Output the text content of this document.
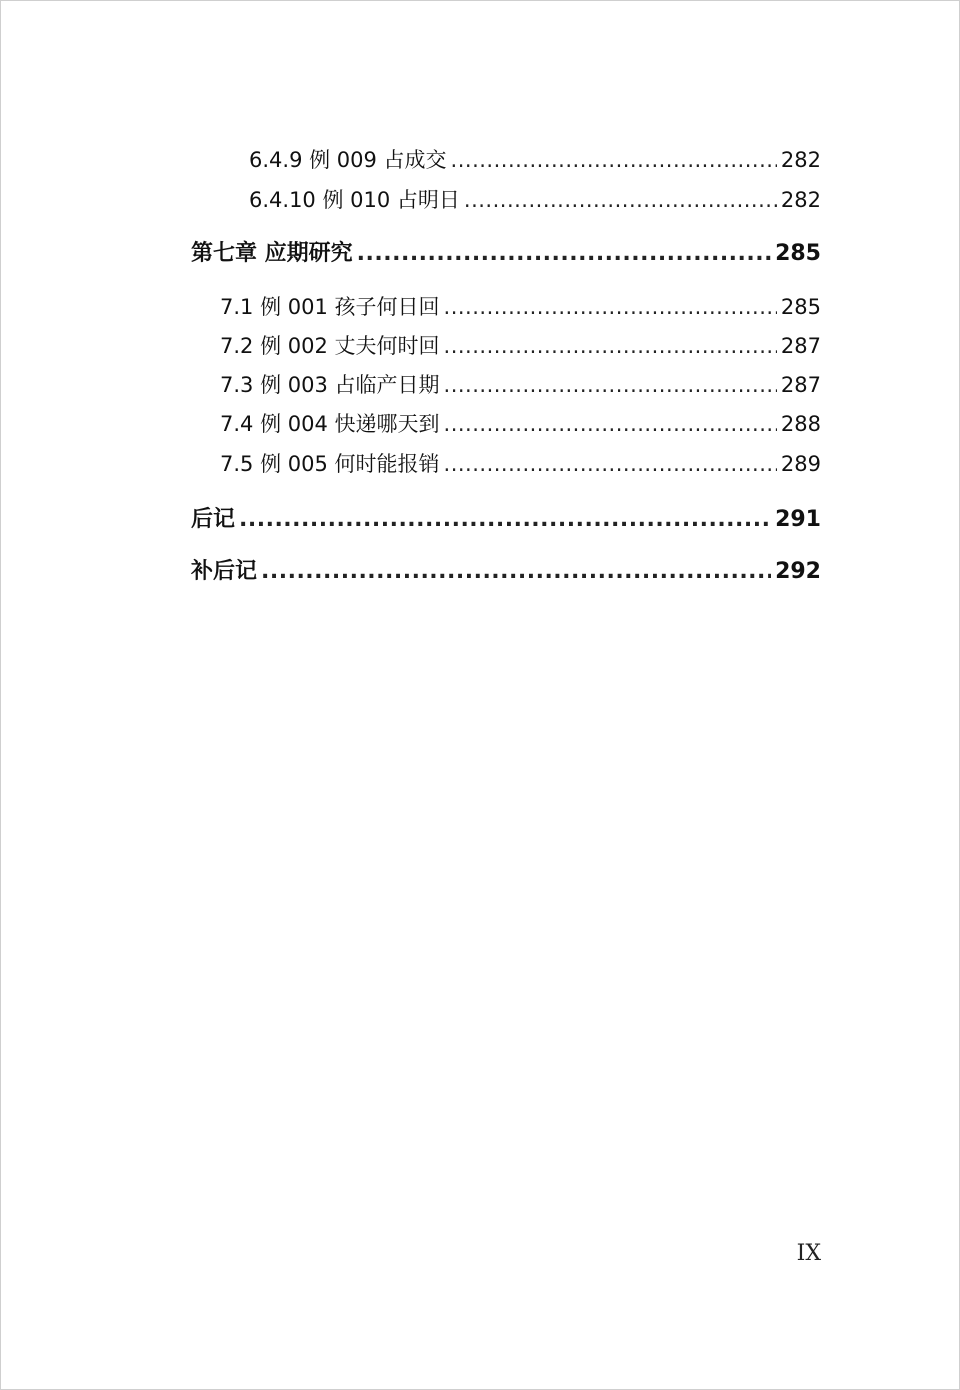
6.4.9 例 009 占成交 .....	282
6.4.10 例 010 占明日 .....	282
第七章 应期研究 .....	285
7.1 例 001 孩子何日回 .....	285
7.2 例 002 丈夫何时回 .....	287
7.3 例 003 占临产日期 .....	287
7.4 例 004 快递哪天到 .....	288
7.5 例 005 何时能报销 .....	289
后记 .....	291
补后记 .....	292
IX
